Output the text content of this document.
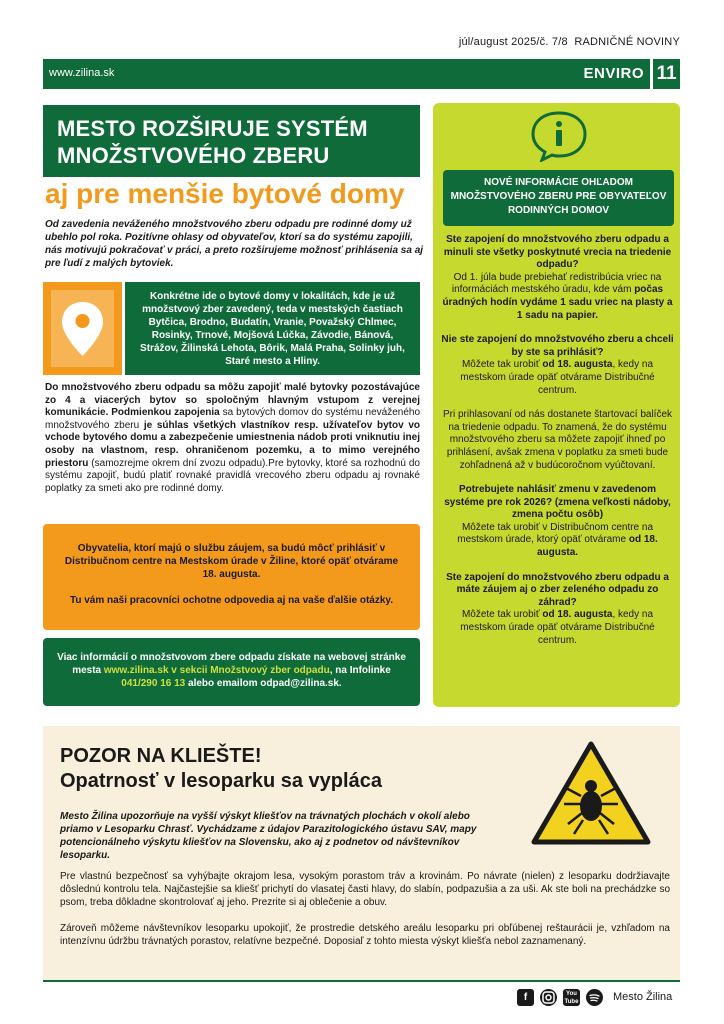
júl/august 2025/č. 7/8 RADNIČNÉ NOVINY
www.zilina.sk	ENVIRO 11
MESTO ROZŠIRUJE SYSTÉM
MNOŽSTVOVÉHO ZBERU
aj pre menšie bytové domy
Od zavedenia neváženého množstvového zberu odpadu pre rodinné domy už ubehlo pol roka. Pozitívne ohlasy od obyvateľov, ktorí sa do systému zapojili, nás motivujú pokračovať v práci, a preto rozširujeme možnosť prihlásenia sa aj pre ľudí z malých bytoviek.
Konkrétne ide o bytové domy v lokalitách, kde je už množstvový zber zavedený, teda v mestských častiach Bytčica, Brodno, Budatín, Vranie, Považský Chlmec, Rosinky, Trnové, Mojšová Lúčka, Závodie, Bánová, Strážov, Žilinská Lehota, Bôrik, Malá Praha, Solinky juh, Staré mesto a Hliny.
Do množstvového zberu odpadu sa môžu zapojiť malé bytovky pozostávajúce zo 4 a viacerých bytov so spoločným hlavným vstupom z verejnej komunikácie. Podmienkou zapojenia sa bytových domov do systému neváženého množstvového zberu je súhlas všetkých vlastníkov resp. užívateľov bytov vo vchode bytového domu a zabezpečenie umiestnenia nádob proti vniknutiu inej osoby na vlastnom, resp. ohraničenom pozemku, a to mimo verejného priestoru (samozrejme okrem dní zvozu odpadu).Pre bytovky, ktoré sa rozhodnú do systému zapojiť, budú platiť rovnaké pravidlá vrecového zberu odpadu aj rovnaké poplatky za smeti ako pre rodinné domy.
Obyvatelia, ktorí majú o službu záujem, sa budú môcť prihlásiť v Distribučnom centre na Mestskom úrade v Žiline, ktoré opäť otvárame 18. augusta.
Tu vám naši pracovníci ochotne odpovedia aj na vaše ďalšie otázky.
Viac informácií o množstvovom zbere odpadu získate na webovej stránke mesta www.zilina.sk v sekcii Množstvový zber odpadu, na Infolinke 041/290 16 13 alebo emailom odpad@zilina.sk.
NOVÉ INFORMÁCIE OHĽADOM MNOŽSTVOVÉHO ZBERU PRE OBYVATEĽOV RODINNÝCH DOMOV
Ste zapojení do množstvového zberu odpadu a minuli ste všetky poskytnuté vrecia na triedenie odpadu?
Od 1. júla bude prebiehať redistribúcia vriec na informáciách mestského úradu, kde vám počas úradných hodín vydáme 1 sadu vriec na plasty a 1 sadu na papier.
Nie ste zapojení do množstvového zberu a chceli by ste sa prihlásiť?
Môžete tak urobiť od 18. augusta, kedy na mestskom úrade opäť otvárame Distribučné centrum.
Pri prihlasovaní od nás dostanete štartovací balíček na triedenie odpadu. To znamená, že do systému množstvového zberu sa môžete zapojiť ihneď po prihlásení, avšak zmena v poplatku za smeti bude zohľadnená až v budúcoročnom vyúčtovaní.
Potrebujete nahlásiť zmenu v zavedenom systéme pre rok 2026? (zmena veľkosti nádoby, zmena počtu osôb)
Môžete tak urobiť v Distribučnom centre na mestskom úrade, ktorý opäť otvárame od 18. augusta.
Ste zapojení do množstvového zberu odpadu a máte záujem aj o zber zeleného odpadu zo záhrad?
Môžete tak urobiť od 18. augusta, kedy na mestskom úrade opäť otvárame Distribučné centrum.
POZOR NA KLIEŠTE!
Opatrnosť v lesoparku sa vypláca
Mesto Žilina upozorňuje na vyšší výskyt kliešťov na trávnatých plochách v okolí alebo priamo v Lesoparku Chrasť. Vychádzame z údajov Parazitologického ústavu SAV, mapy potencionálneho výskytu kliešťov na Slovensku, ako aj z podnetov od návštevníkov lesoparku.
Pre vlastnú bezpečnosť sa vyhýbajte okrajom lesa, vysokým porastom tráv a krovinám. Po návrate (nielen) z lesoparku dodržiavajte dôslednú kontrolu tela. Najčastejšie sa kliešť prichytí do vlasatej časti hlavy, do slabín, podpazušia a za uši. Ak ste boli na prechádzke so psom, treba dôkladne skontrolovať aj jeho. Prezrite si aj oblečenie a obuv.
Zároveň môžeme návštevníkov lesoparku upokojiť, že prostredie detského areálu lesoparku pri obľúbenej reštaurácii je, vzhľadom na intenzívnu údržbu trávnatých porastov, relatívne bezpečné. Doposiaľ z tohto miesta výskyt kliešťa nebol zaznamenaný.
f	You Tube	Mesto Žilina
